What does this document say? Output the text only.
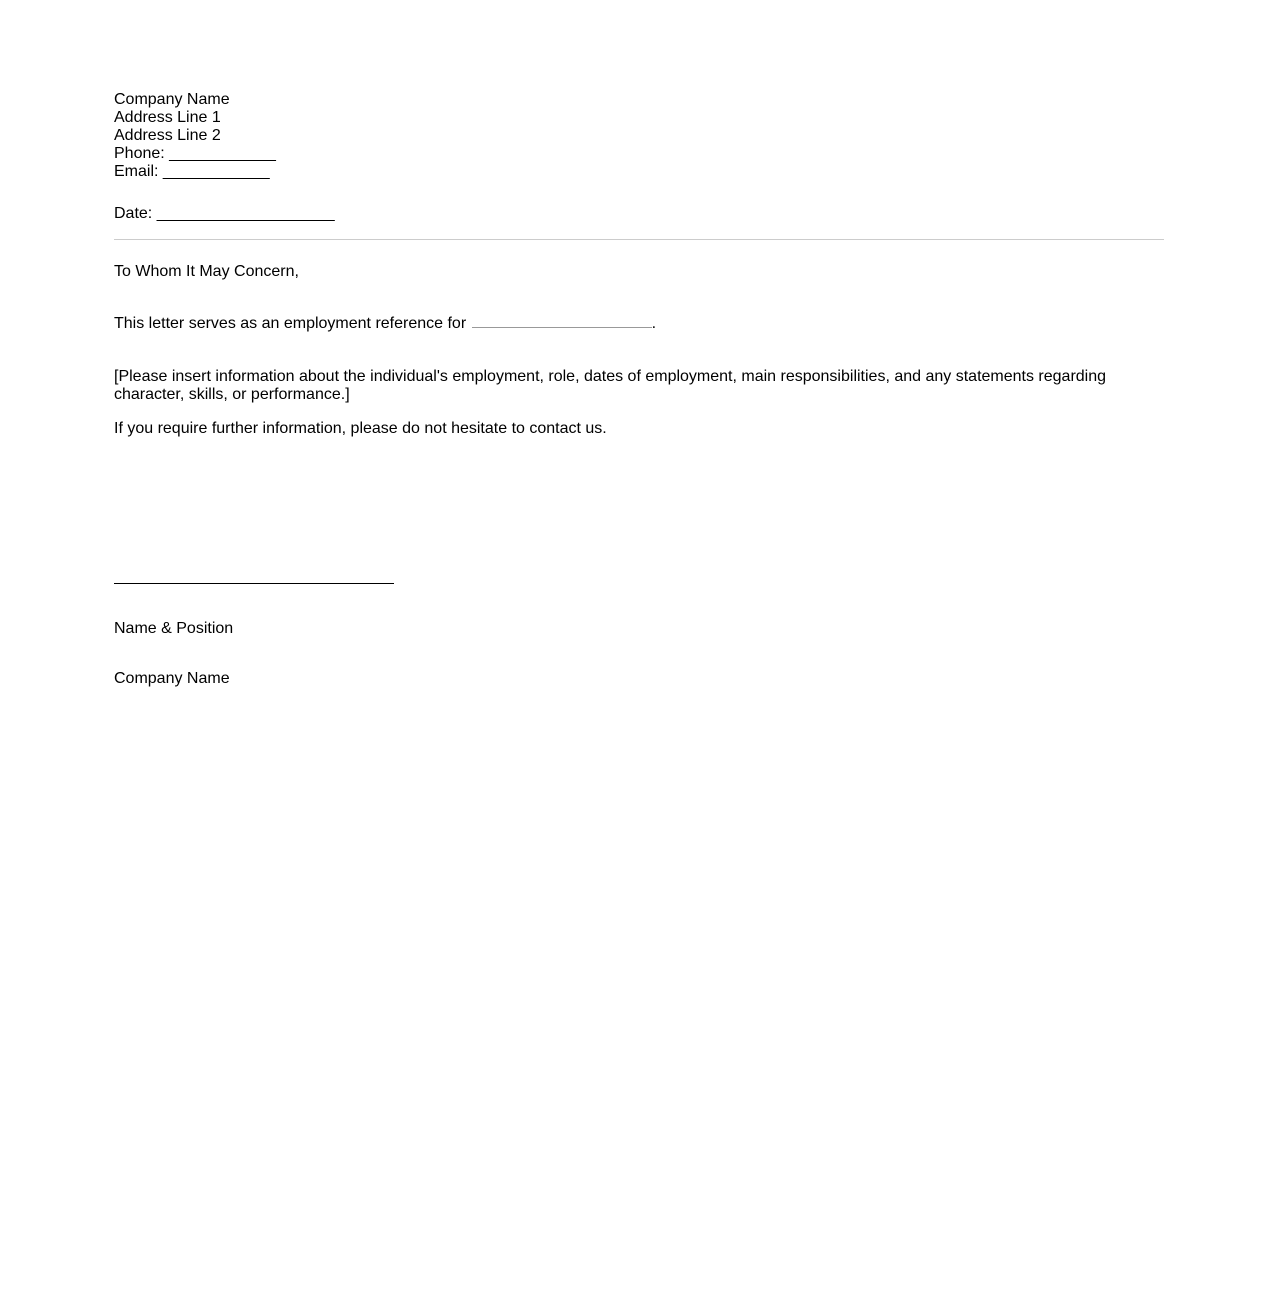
Company Name
Address Line 1
Address Line 2
Phone: ____________
Email: ____________
Date: ____________________
To Whom It May Concern,
This letter serves as an employment reference for	.
[Please insert information about the individual's employment, role, dates of employment, main responsibilities, and any statements regarding character, skills, or performance.]
If you require further information, please do not hesitate to contact us.
Name & Position
Company Name
